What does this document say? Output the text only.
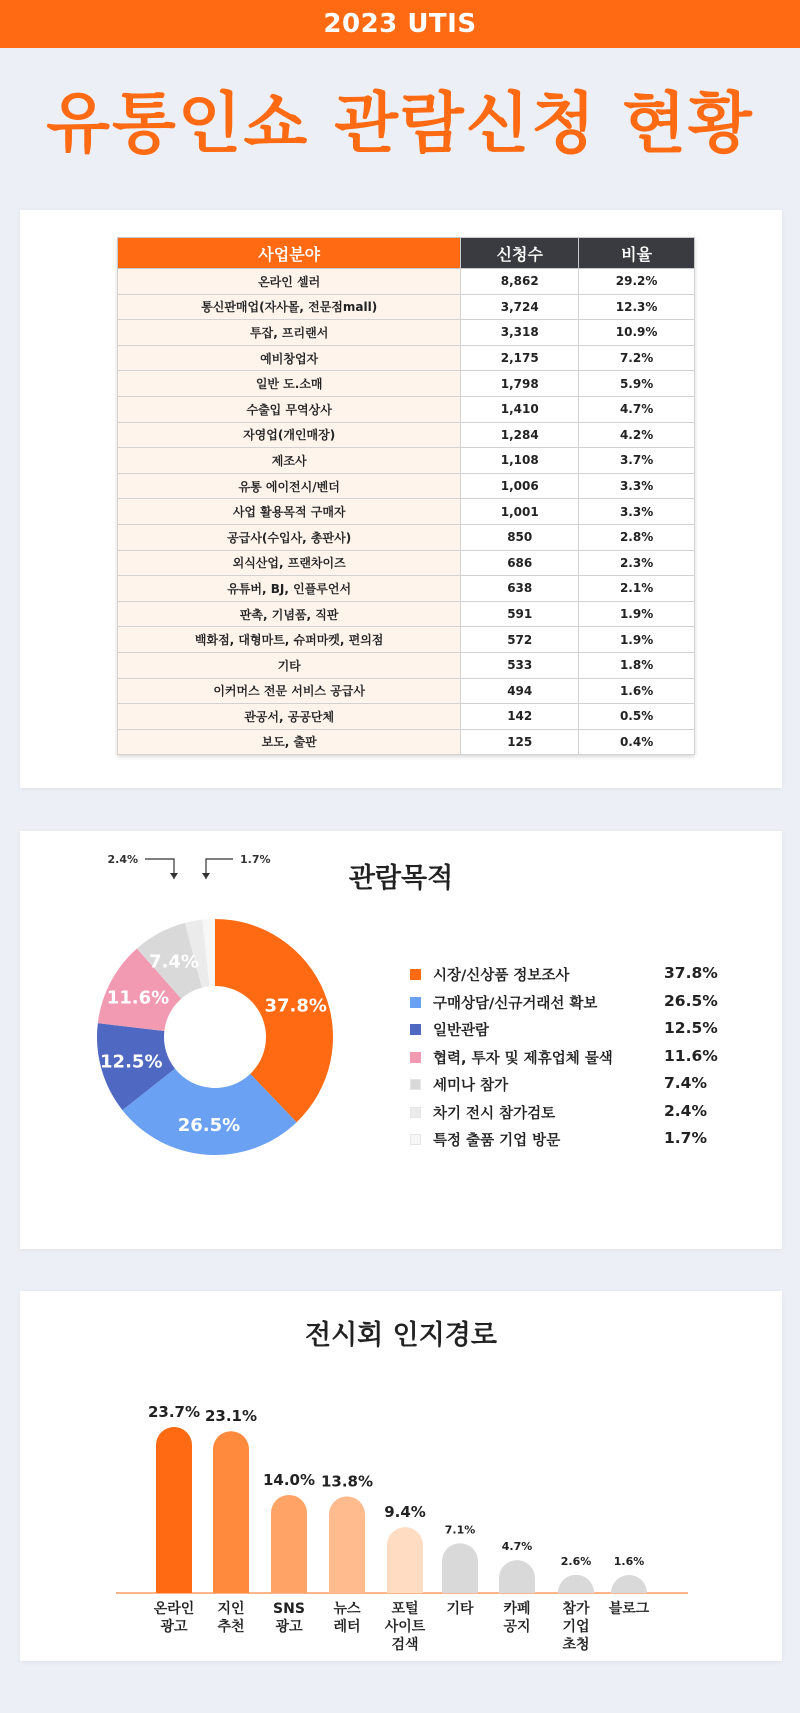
2023 UTIS
유통인쇼 관람신청 현황
사업분야	신청수	비율
온라인 셀러	8,862	29.2%
통신판매업(자사몰, 전문점mall)	3,724	12.3%
투잡, 프리랜서	3,318	10.9%
예비창업자	2,175	7.2%
일반 도.소매	1,798	5.9%
수출입 무역상사	1,410	4.7%
자영업(개인매장)	1,284	4.2%
제조사	1,108	3.7%
유통 에이전시/벤더	1,006	3.3%
사업 활용목적 구매자	1,001	3.3%
공급사(수입사, 총판사)	850	2.8%
외식산업, 프랜차이즈	686	2.3%
유튜버, BJ, 인플루언서	638	2.1%
판촉, 기념품, 직판	591	1.9%
백화점, 대형마트, 슈퍼마켓, 편의점	572	1.9%
기타	533	1.8%
이커머스 전문 서비스 공급사	494	1.6%
관공서, 공공단체	142	0.5%
보도, 출판	125	0.4%
관람목적
37.8%
26.5%
12.5%
11.6%
7.4%
2.4%	1.7%
시장/신상품 정보조사	37.8%
구매상담/신규거래선 확보	26.5%
일반관람	12.5%
협력, 투자 및 제휴업체 물색	11.6%
세미나 참가	7.4%
차기 전시 참가검토	2.4%
특정 출품 기업 방문	1.7%
전시회 인지경로
23.7%
온라인 광고
23.1%
지인 추천
14.0%
SNS 광고
13.8%
뉴스 레터
9.4%
포털 사이트 검색
7.1%
기타
4.7%
카페 공지
2.6%
참가 기업 초청
1.6%
블로그
